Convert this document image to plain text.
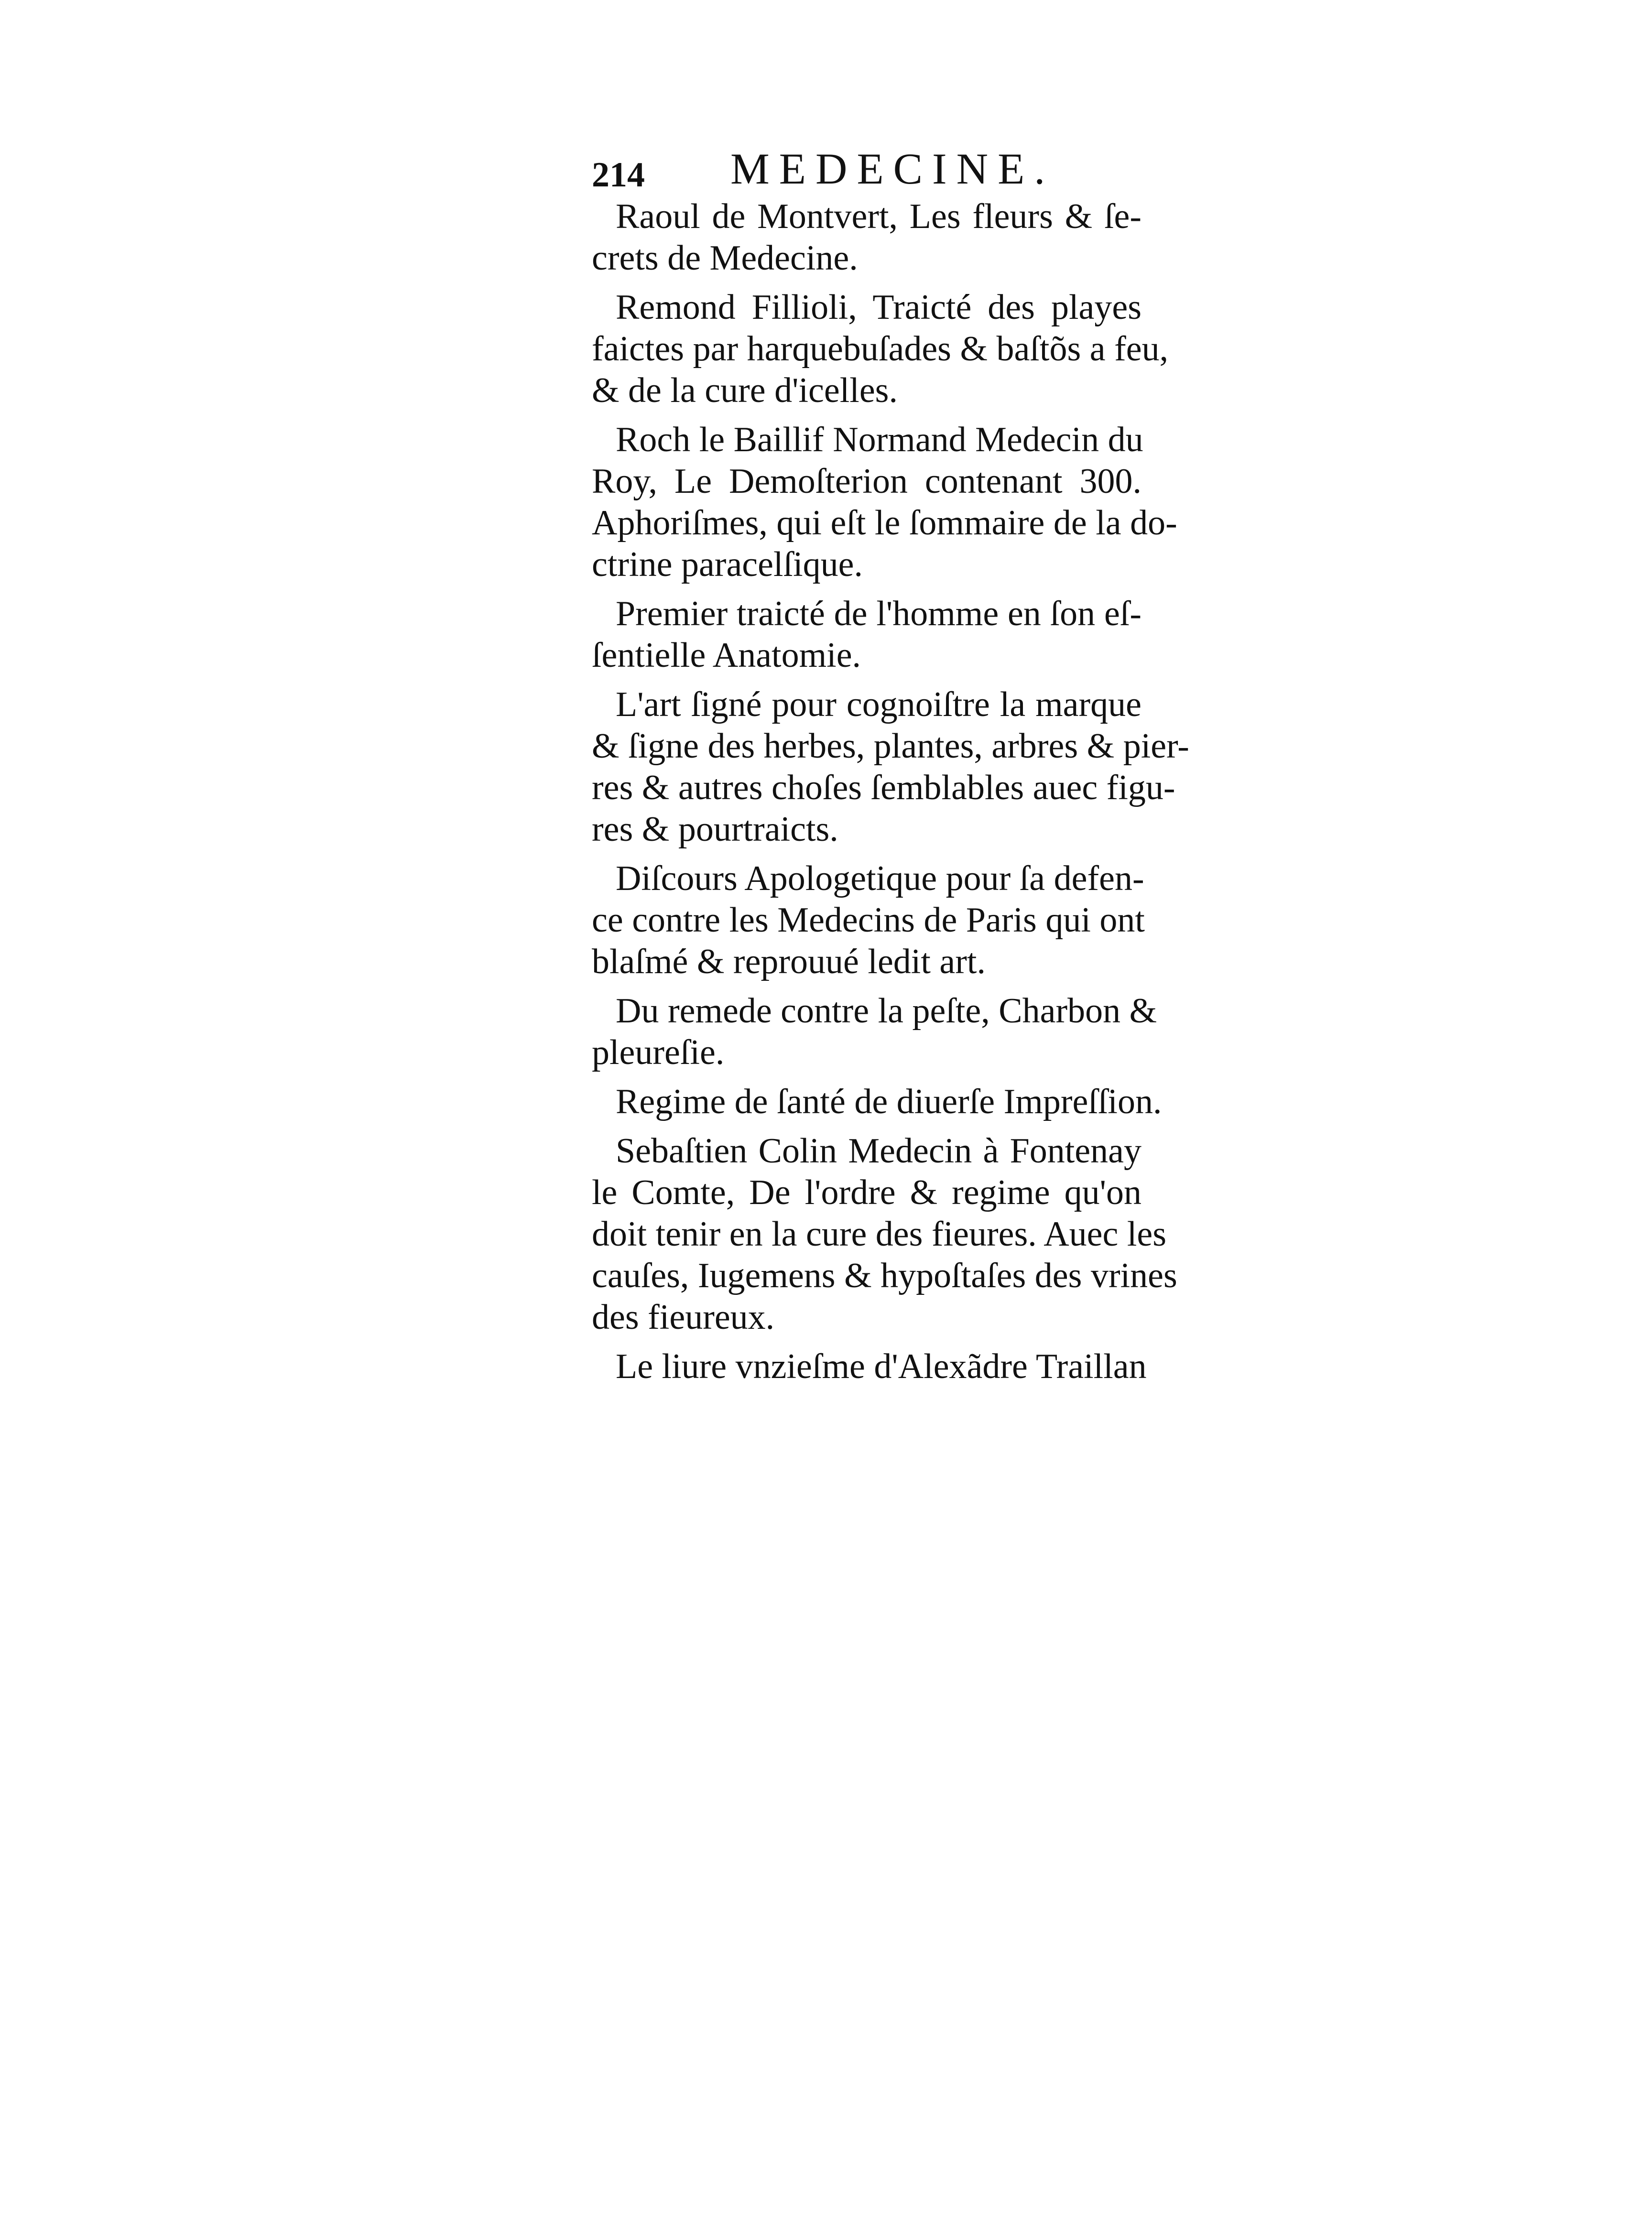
214 MEDECINE.
Raoul de Montvert, Les fleurs & ſe-
crets de Medecine.
Remond Fillioli, Traicté des playes
faictes par harquebuſades & baſtõs a feu,
& de la cure d'icelles.
Roch le Baillif Normand Medecin du
Roy, Le Demoſterion contenant 300.
Aphoriſmes, qui eſt le ſommaire de la do-
ctrine paracelſique.
Premier traicté de l'homme en ſon eſ-
ſentielle Anatomie.
L'art ſigné pour cognoiſtre la marque
& ſigne des herbes, plantes, arbres & pier-
res & autres choſes ſemblables auec figu-
res & pourtraicts.
Diſcours Apologetique pour ſa defen-
ce contre les Medecins de Paris qui ont
blaſmé & reprouué ledit art.
Du remede contre la peſte, Charbon &
pleureſie.
Regime de ſanté de diuerſe Impreſſion.
Sebaſtien Colin Medecin à Fontenay
le Comte, De l'ordre & regime qu'on
doit tenir en la cure des fieures. Auec les
cauſes, Iugemens & hypoſtaſes des vrines
des fieureux.
Le liure vnzieſme d'Alexãdre Traillan
